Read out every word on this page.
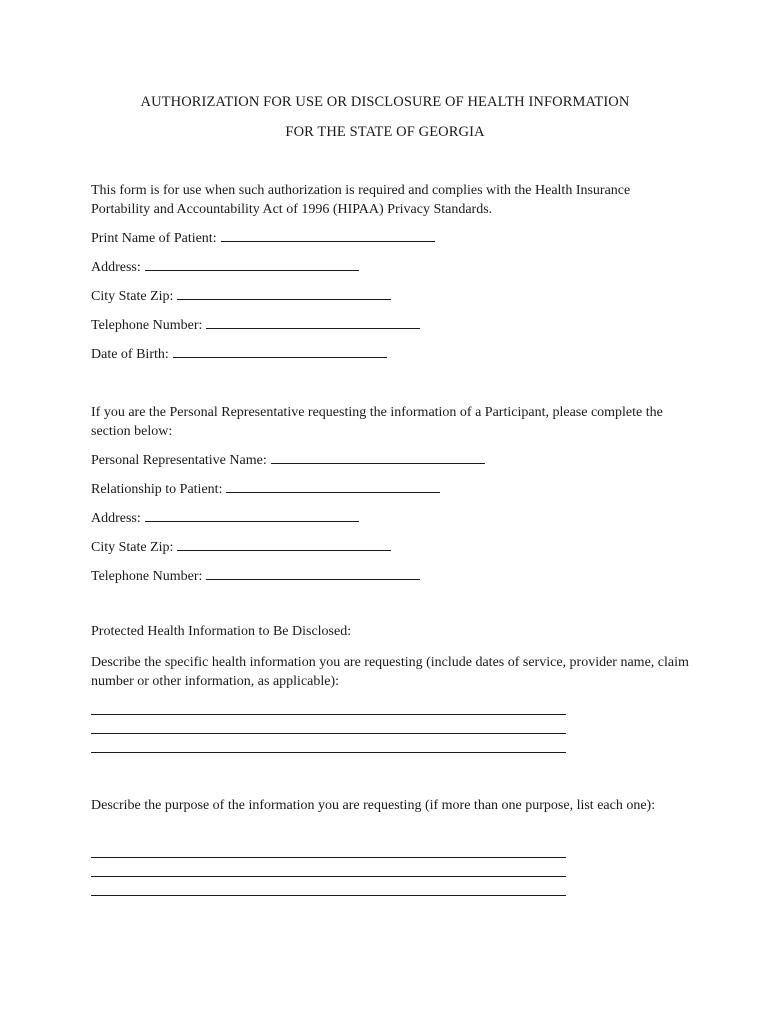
AUTHORIZATION FOR USE OR DISCLOSURE OF HEALTH INFORMATION
FOR THE STATE OF GEORGIA
This form is for use when such authorization is required and complies with the Health Insurance Portability and Accountability Act of 1996 (HIPAA) Privacy Standards.
Print Name of Patient:
Address:
City State Zip:
Telephone Number:
Date of Birth:
If you are the Personal Representative requesting the information of a Participant, please complete the section below:
Personal Representative Name:
Relationship to Patient:
Address:
City State Zip:
Telephone Number:
Protected Health Information to Be Disclosed:
Describe the specific health information you are requesting (include dates of service, provider name, claim number or other information, as applicable):
Describe the purpose of the information you are requesting (if more than one purpose, list each one):
